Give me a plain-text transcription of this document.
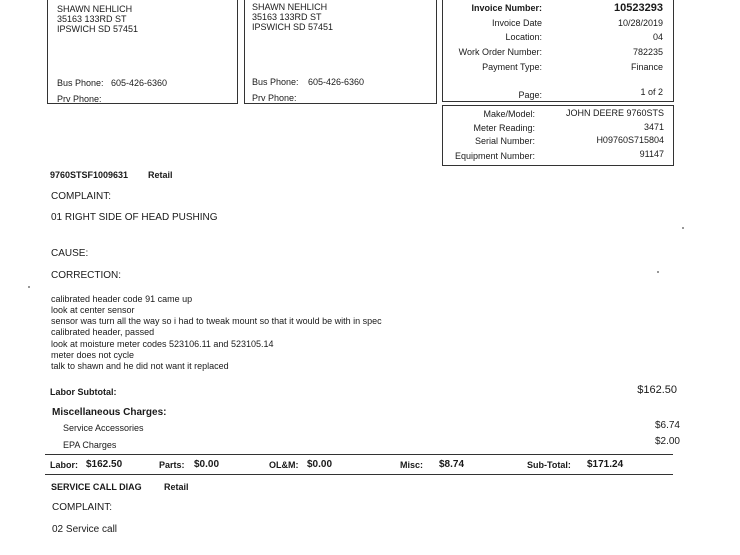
SHAWN NEHLICH
35163 133RD ST
IPSWICH SD 57451
Bus Phone: 605-426-6360
Prv Phone:
SHAWN NEHLICH
35163 133RD ST
IPSWICH SD 57451
Bus Phone: 605-426-6360
Prv Phone:
Invoice Number:	10523293
Invoice Date	10/28/2019
Location:	04
Work Order Number:	782235
Payment Type:	Finance
Page:	1 of 2
Make/Model:	JOHN DEERE 9760STS
Meter Reading:	3471
Serial Number:	H09760S715804
Equipment Number:	91147
9760STSF1009631 Retail
COMPLAINT:
01 RIGHT SIDE OF HEAD PUSHING
CAUSE:
CORRECTION:
calibrated header code 91 came up
look at center sensor
sensor was turn all the way so i had to tweak mount so that it would be with in spec
calibrated header, passed
look at moisture meter codes 523106.11 and 523105.14
meter does not cycle
talk to shawn and he did not want it replaced
Labor Subtotal:	$162.50
Miscellaneous Charges:
Service Accessories	$6.74
EPA Charges	$2.00
Labor: $162.50	Parts: $0.00	OL&M: $0.00	Misc: $8.74	Sub-Total: $171.24
SERVICE CALL DIAG Retail
COMPLAINT:
02 Service call
